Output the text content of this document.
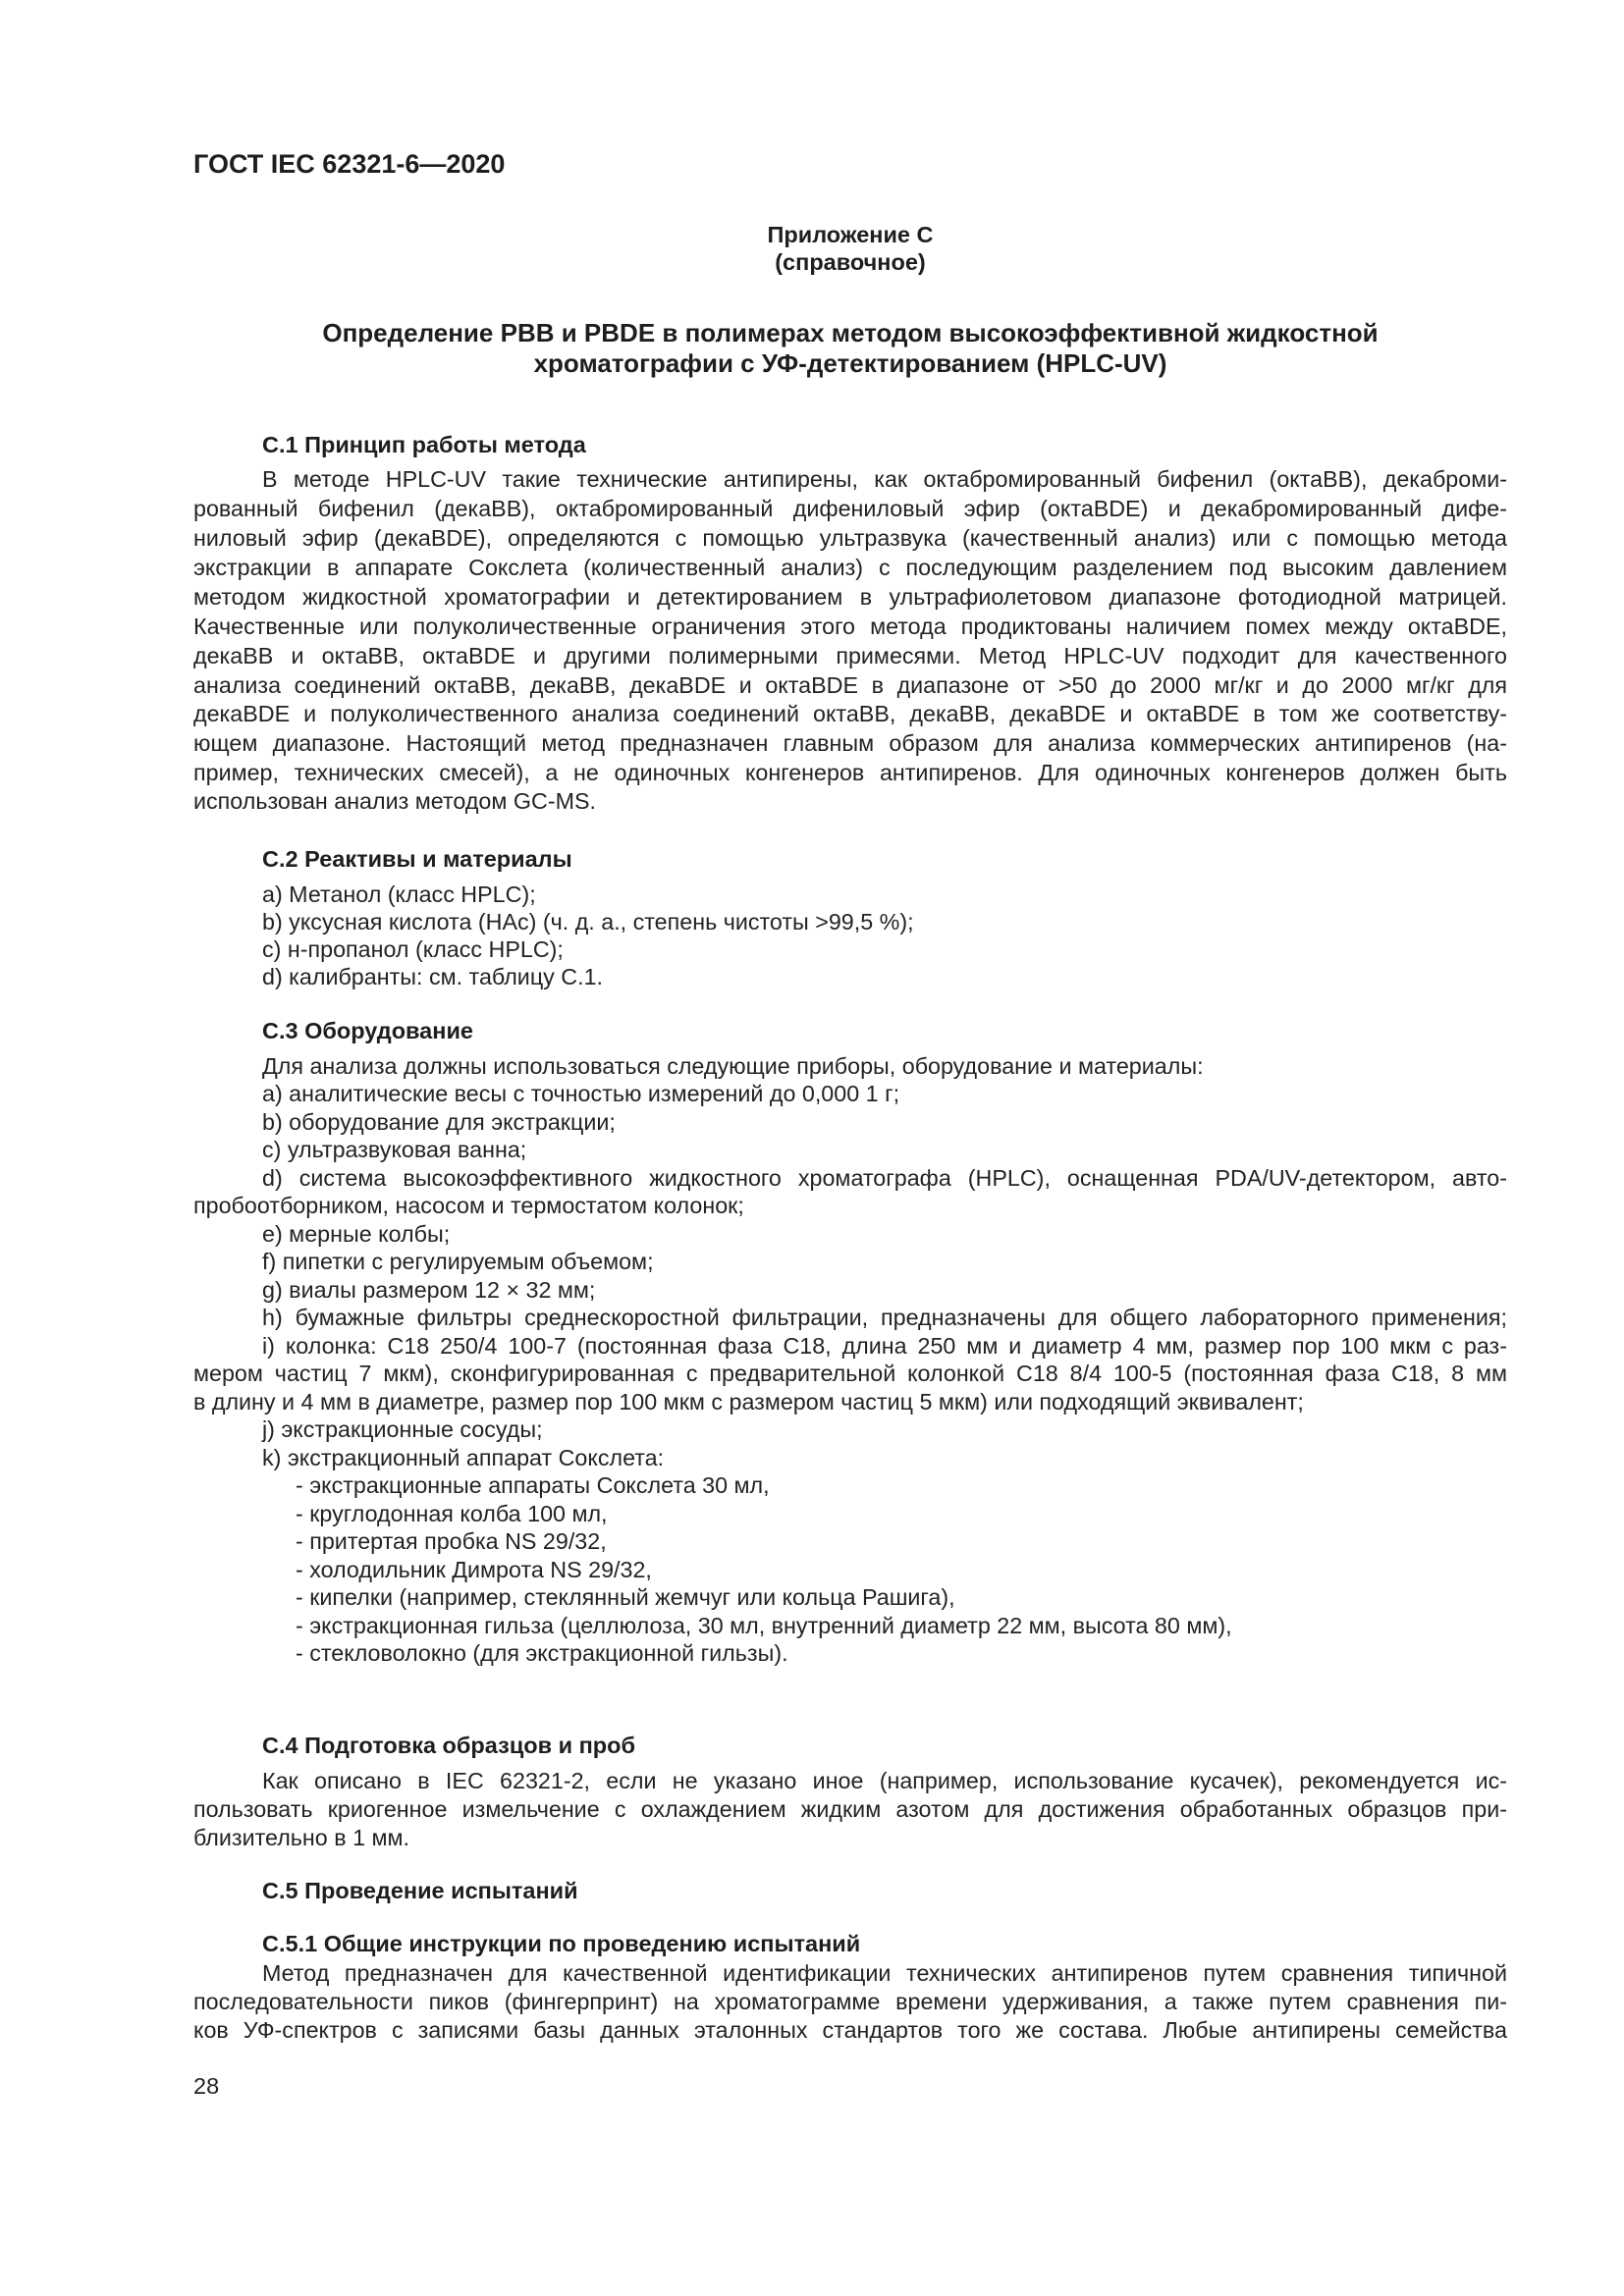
ГОСТ IEC 62321-6—2020
Приложение С
(справочное)
Определение PBB и PBDE в полимерах методом высокоэффективной жидкостной
хроматографии с УФ-детектированием (HPLC-UV)
С.1 Принцип работы метода
В методе HPLC-UV такие технические антипирены, как октабромированный бифенил (октаBB), декаброми-
рованный бифенил (декаBB), октабромированный дифениловый эфир (октаBDE) и декабромированный дифе-
ниловый эфир (декаBDE), определяются с помощью ультразвука (качественный анализ) или с помощью метода
экстракции в аппарате Сокслета (количественный анализ) с последующим разделением под высоким давлением
методом жидкостной хроматографии и детектированием в ультрафиолетовом диапазоне фотодиодной матрицей.
Качественные или полуколичественные ограничения этого метода продиктованы наличием помех между октаBDE,
декаBB и октаBB, октаBDE и другими полимерными примесями. Метод HPLC-UV подходит для качественного
анализа соединений октаBB, декаBB, декаBDE и октаBDE в диапазоне от >50 до 2000 мг/кг и до 2000 мг/кг для
декаBDE и полуколичественного анализа соединений октаBB, декаBB, декаBDE и октаBDE в том же соответству-
ющем диапазоне. Настоящий метод предназначен главным образом для анализа коммерческих антипиренов (на-
пример, технических смесей), а не одиночных конгенеров антипиренов. Для одиночных конгенеров должен быть
использован анализ методом GC-MS.
С.2 Реактивы и материалы
a) Метанол (класс HPLC);
b) уксусная кислота (HAc) (ч. д. а., степень чистоты >99,5 %);
c) н-пропанол (класс HPLC);
d) калибранты: см. таблицу С.1.
С.3 Оборудование
Для анализа должны использоваться следующие приборы, оборудование и материалы:
a) аналитические весы с точностью измерений до 0,000 1 г;
b) оборудование для экстракции;
c) ультразвуковая ванна;
d) система высокоэффективного жидкостного хроматографа (HPLC), оснащенная PDA/UV-детектором, авто-
пробоотборником, насосом и термостатом колонок;
e) мерные колбы;
f) пипетки с регулируемым объемом;
g) виалы размером 12 × 32 мм;
h) бумажные фильтры среднескоростной фильтрации, предназначены для общего лабораторного применения;
i) колонка: С18 250/4 100-7 (постоянная фаза С18, длина 250 мм и диаметр 4 мм, размер пор 100 мкм с раз-
мером частиц 7 мкм), сконфигурированная с предварительной колонкой С18 8/4 100-5 (постоянная фаза С18, 8 мм
в длину и 4 мм в диаметре, размер пор 100 мкм с размером частиц 5 мкм) или подходящий эквивалент;
j) экстракционные сосуды;
k) экстракционный аппарат Сокслета:
- экстракционные аппараты Сокслета 30 мл,
- круглодонная колба 100 мл,
- притертая пробка NS 29/32,
- холодильник Димрота NS 29/32,
- кипелки (например, стеклянный жемчуг или кольца Рашига),
- экстракционная гильза (целлюлоза, 30 мл, внутренний диаметр 22 мм, высота 80 мм),
- стекловолокно (для экстракционной гильзы).
С.4 Подготовка образцов и проб
Как описано в IEC 62321-2, если не указано иное (например, использование кусачек), рекомендуется ис-
пользовать криогенное измельчение с охлаждением жидким азотом для достижения обработанных образцов при-
близительно в 1 мм.
С.5 Проведение испытаний
С.5.1 Общие инструкции по проведению испытаний
Метод предназначен для качественной идентификации технических антипиренов путем сравнения типичной
последовательности пиков (фингерпринт) на хроматограмме времени удерживания, а также путем сравнения пи-
ков УФ-спектров с записями базы данных эталонных стандартов того же состава. Любые антипирены семейства
28
